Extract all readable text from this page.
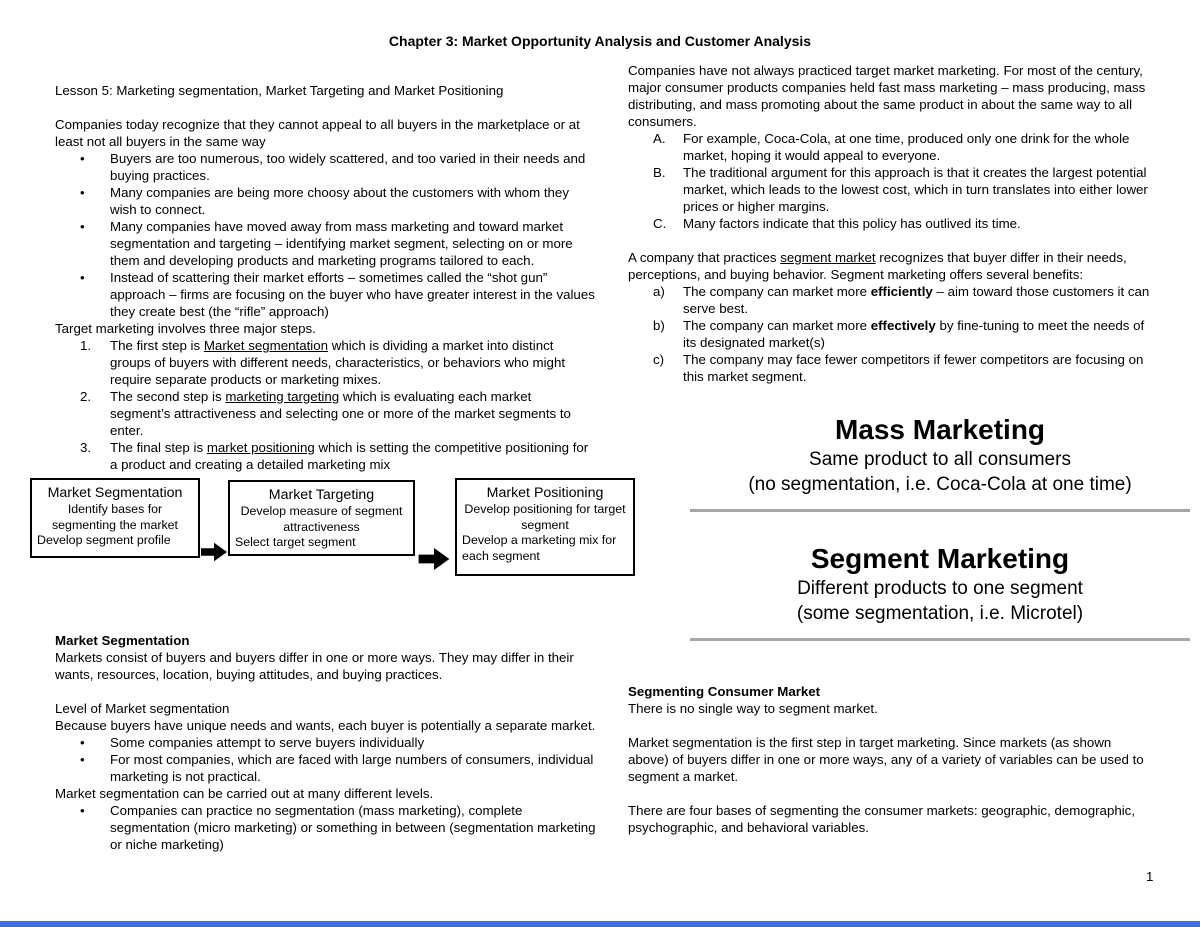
Chapter 3: Market Opportunity Analysis and Customer Analysis

Lesson 5: Marketing segmentation, Market Targeting and Market Positioning

Companies today recognize that they cannot appeal to all buyers in the marketplace or at least not all buyers in the same way

•	Buyers are too numerous, too widely scattered, and too varied in their needs and buying practices.
•	Many companies are being more choosy about the customers with whom they wish to connect.
•	Many companies have moved away from mass marketing and toward market segmentation and targeting – identifying market segment, selecting on or more them and developing products and marketing programs tailored to each.
•	Instead of scattering their market efforts – sometimes called the “shot gun” approach – firms are focusing on the buyer who have greater interest in the values they create best (the “rifle” approach)

Target marketing involves three major steps.

1.	The first step is Market segmentation which is dividing a market into distinct groups of buyers with different needs, characteristics, or behaviors who might require separate products or marketing mixes.
2.	The second step is marketing targeting which is evaluating each market segment’s attractiveness and selecting one or more of the market segments to enter.
3.	The final step is market positioning which is setting the competitive positioning for a product and creating a detailed marketing mix
Market Segmentation
Identify bases for segmenting the market
Develop segment profile
Market Targeting
Develop measure of segment attractiveness
Select target segment
Market Positioning
Develop positioning for target segment
Develop a marketing mix for each segment

Market Segmentation

Markets consist of buyers and buyers differ in one or more ways. They may differ in their wants, resources, location, buying attitudes, and buying practices.

Level of Market segmentation

Because buyers have unique needs and wants, each buyer is potentially a separate market.

•	Some companies attempt to serve buyers individually
•	For most companies, which are faced with large numbers of consumers, individual marketing is not practical.

Market segmentation can be carried out at many different levels.

•	Companies can practice no segmentation (mass marketing), complete segmentation (micro marketing) or something in between (segmentation marketing or niche marketing)

Companies have not always practiced target market marketing. For most of the century, major consumer products companies held fast mass marketing – mass producing, mass distributing, and mass promoting about the same product in about the same way to all consumers.

A.	For example, Coca-Cola, at one time, produced only one drink for the whole market, hoping it would appeal to everyone.
B.	The traditional argument for this approach is that it creates the largest potential market, which leads to the lowest cost, which in turn translates into either lower prices or higher margins.
C.	Many factors indicate that this policy has outlived its time.

A company that practices segment market recognizes that buyer differ in their needs, perceptions, and buying behavior. Segment marketing offers several benefits:

a)	The company can market more efficiently – aim toward those customers it can serve best.
b)	The company can market more effectively by fine-tuning to meet the needs of its designated market(s)
c)	The company may face fewer competitors if fewer competitors are focusing on this market segment.
Mass Marketing
Same product to all consumers
(no segmentation, i.e. Coca-Cola at one time)
Segment Marketing
Different products to one segment
(some segmentation, i.e. Microtel)

Segmenting Consumer Market

There is no single way to segment market.

Market segmentation is the first step in target marketing. Since markets (as shown above) of buyers differ in one or more ways, any of a variety of variables can be used to segment a market.

There are four bases of segmenting the consumer markets: geographic, demographic, psychographic, and behavioral variables.

1
